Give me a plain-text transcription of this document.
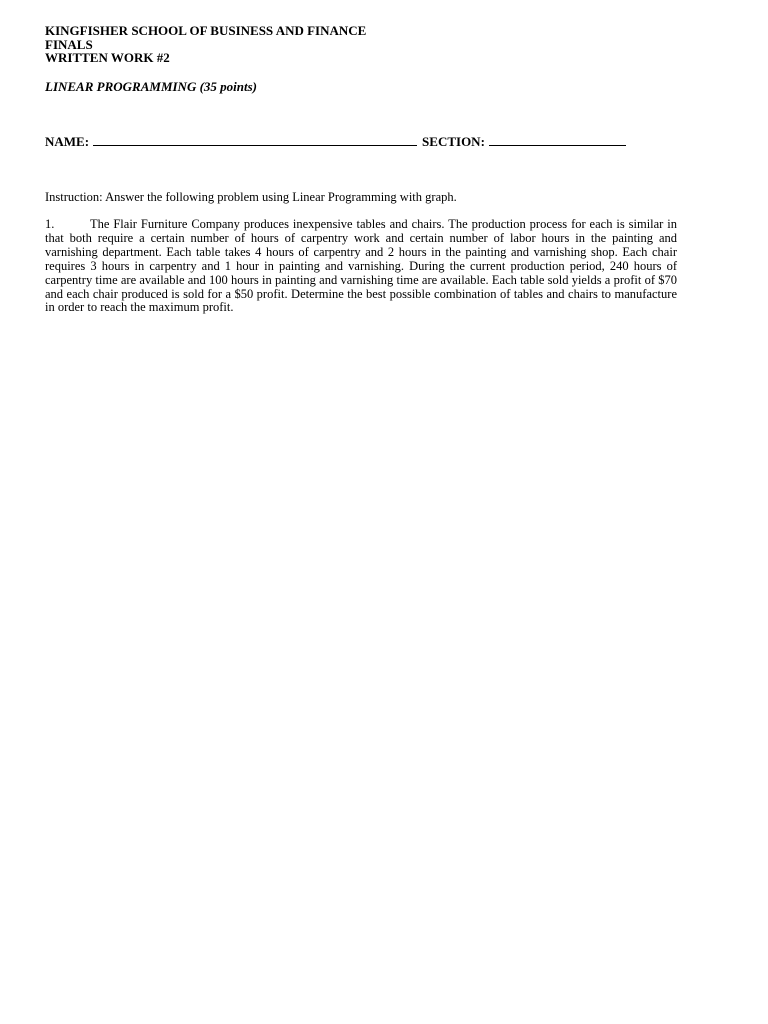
KINGFISHER SCHOOL OF BUSINESS AND FINANCE
FINALS
WRITTEN WORK #2
LINEAR PROGRAMMING (35 points)
NAME:	SECTION:
Instruction: Answer the following problem using Linear Programming with graph.
1.	The Flair Furniture Company produces inexpensive tables and chairs. The production process for each is similar in that both require a certain number of hours of carpentry work and certain number of labor hours in the painting and varnishing department. Each table takes 4 hours of carpentry and 2 hours in the painting and varnishing shop. Each chair requires 3 hours in carpentry and 1 hour in painting and varnishing. During the current production period, 240 hours of carpentry time are available and 100 hours in painting and varnishing time are available. Each table sold yields a profit of $70 and each chair produced is sold for a $50 profit. Determine the best possible combination of tables and chairs to manufacture in order to reach the maximum profit.
